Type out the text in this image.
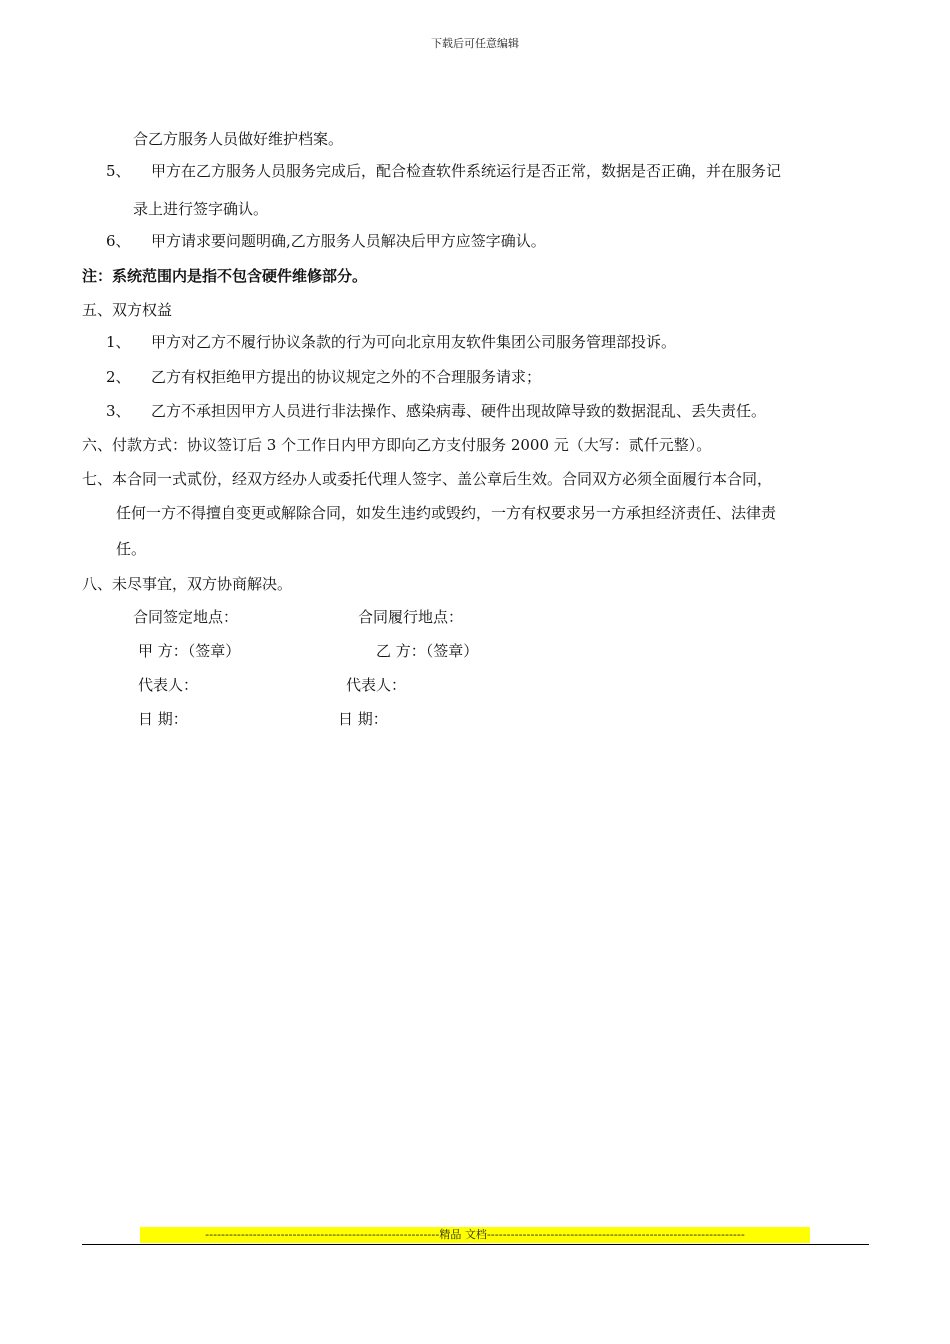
下载后可任意编辑
合乙方服务人员做好维护档案。
5、 甲方在乙方服务人员服务完成后，配合检查软件系统运行是否正常，数据是否正确，并在服务记
录上进行签字确认。
6、 甲方请求要问题明确,乙方服务人员解决后甲方应签字确认。
注：系统范围内是指不包含硬件维修部分。
五、双方权益
1、 甲方对乙方不履行协议条款的行为可向北京用友软件集团公司服务管理部投诉。
2、 乙方有权拒绝甲方提出的协议规定之外的不合理服务请求；
3、 乙方不承担因甲方人员进行非法操作、感染病毒、硬件出现故障导致的数据混乱、丢失责任。
六、付款方式：协议签订后 3 个工作日内甲方即向乙方支付服务 2000 元（大写：贰仟元整）。
七、本合同一式贰份，经双方经办人或委托代理人签字、盖公章后生效。合同双方必须全面履行本合同，
任何一方不得擅自变更或解除合同，如发生违约或毁约，一方有权要求另一方承担经济责任、法律责
任。
八、未尽事宜，双方协商解决。
合同签定地点：	合同履行地点：
甲 方：（签章）	乙 方：（签章）
代表人：	代表人：
日 期：	日 期：
-----------------------------------------------------------精品 文档-----------------------------------------------------------------
